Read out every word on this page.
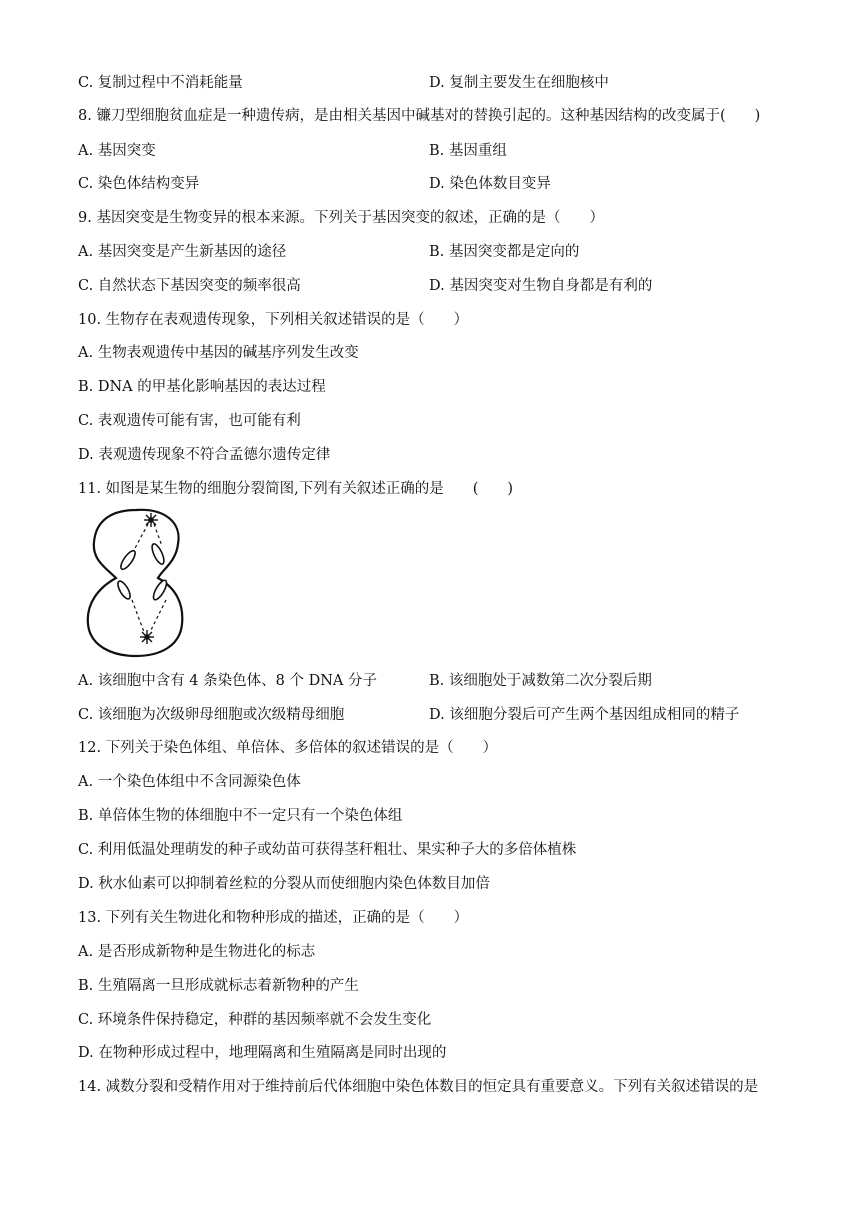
C. 复制过程中不消耗能量	D. 复制主要发生在细胞核中
8. 镰刀型细胞贫血症是一种遗传病，是由相关基因中碱基对的替换引起的。这种基因结构的改变属于(　　)
A. 基因突变	B. 基因重组
C. 染色体结构变异	D. 染色体数目变异
9. 基因突变是生物变异的根本来源。下列关于基因突变的叙述，正确的是（　　）
A. 基因突变是产生新基因的途径	B. 基因突变都是定向的
C. 自然状态下基因突变的频率很高	D. 基因突变对生物自身都是有利的
10. 生物存在表观遗传现象，下列相关叙述错误的是（　　）
A. 生物表观遗传中基因的碱基序列发生改变
B. DNA 的甲基化影响基因的表达过程
C. 表观遗传可能有害，也可能有利
D. 表观遗传现象不符合孟德尔遗传定律
11. 如图是某生物的细胞分裂简图,下列有关叙述正确的是　　(　　)
A. 该细胞中含有 4 条染色体、8 个 DNA 分子	B. 该细胞处于减数第二次分裂后期
C. 该细胞为次级卵母细胞或次级精母细胞	D. 该细胞分裂后可产生两个基因组成相同的精子
12. 下列关于染色体组、单倍体、多倍体的叙述错误的是（　　）
A. 一个染色体组中不含同源染色体
B. 单倍体生物的体细胞中不一定只有一个染色体组
C. 利用低温处理萌发的种子或幼苗可获得茎秆粗壮、果实种子大的多倍体植株
D. 秋水仙素可以抑制着丝粒的分裂从而使细胞内染色体数目加倍
13. 下列有关生物进化和物种形成的描述，正确的是（　　）
A. 是否形成新物种是生物进化的标志
B. 生殖隔离一旦形成就标志着新物种的产生
C. 环境条件保持稳定，种群的基因频率就不会发生变化
D. 在物种形成过程中，地理隔离和生殖隔离是同时出现的
14. 减数分裂和受精作用对于维持前后代体细胞中染色体数目的恒定具有重要意义。下列有关叙述错误的是
